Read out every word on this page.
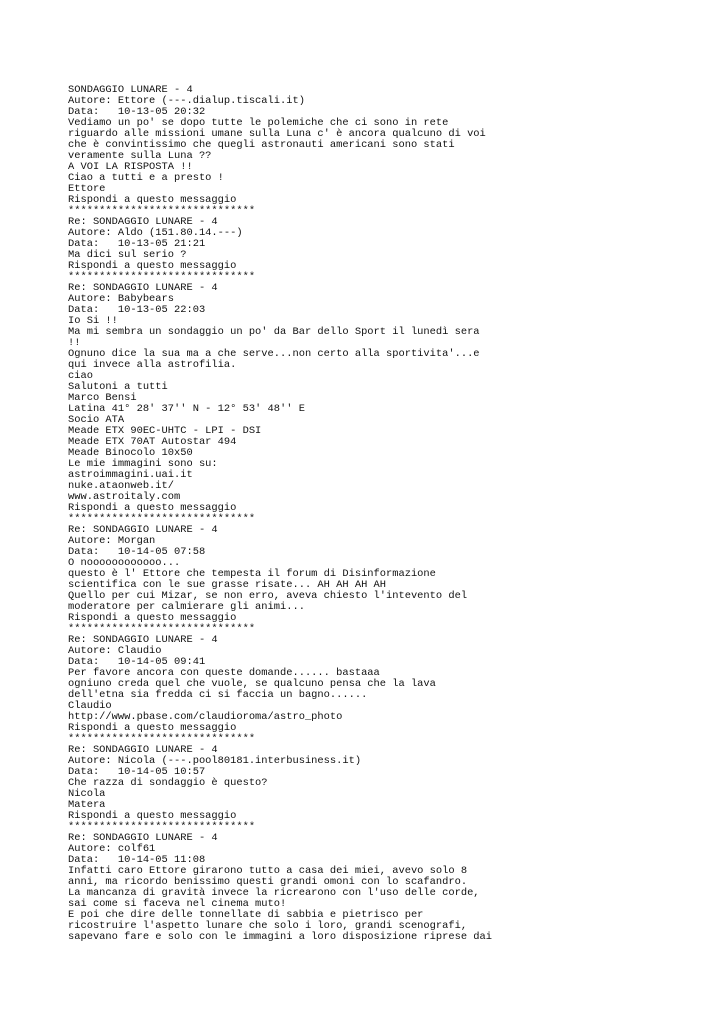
SONDAGGIO LUNARE - 4
Autore: Ettore (---.dialup.tiscali.it)
Data:   10-13-05 20:32
Vediamo un po' se dopo tutte le polemiche che ci sono in rete
riguardo alle missioni umane sulla Luna c' è ancora qualcuno di voi
che è convintissimo che quegli astronauti americani sono stati
veramente sulla Luna ??
A VOI LA RISPOSTA !!
Ciao a tutti e a presto !
Ettore
Rispondi a questo messaggio
******************************
Re: SONDAGGIO LUNARE - 4
Autore: Aldo (151.80.14.---)
Data:   10-13-05 21:21
Ma dici sul serio ?
Rispondi a questo messaggio
******************************
Re: SONDAGGIO LUNARE - 4
Autore: Babybears
Data:   10-13-05 22:03
Io Si !!
Ma mi sembra un sondaggio un po' da Bar dello Sport il lunedì sera
!!
Ognuno dice la sua ma a che serve...non certo alla sportivita'...e
qui invece alla astrofilia.
ciao
Salutoni a tutti
Marco Bensi
Latina 41° 28' 37'' N - 12° 53' 48'' E
Socio ATA
Meade ETX 90EC-UHTC - LPI - DSI
Meade ETX 70AT Autostar 494
Meade Binocolo 10x50
Le mie immagini sono su:
astroimmagini.uai.it
nuke.ataonweb.it/
www.astroitaly.com
Rispondi a questo messaggio
******************************
Re: SONDAGGIO LUNARE - 4
Autore: Morgan
Data:   10-14-05 07:58
O noooooooooooo...
questo è l' Ettore che tempesta il forum di Disinformazione
scientifica con le sue grasse risate... AH AH AH AH
Quello per cui Mizar, se non erro, aveva chiesto l'intevento del
moderatore per calmierare gli animi...
Rispondi a questo messaggio
******************************
Re: SONDAGGIO LUNARE - 4
Autore: Claudio
Data:   10-14-05 09:41
Per favore ancora con queste domande...... bastaaa
ogniuno creda quel che vuole, se qualcuno pensa che la lava
dell'etna sia fredda ci si faccia un bagno......
Claudio
http://www.pbase.com/claudioroma/astro_photo
Rispondi a questo messaggio
******************************
Re: SONDAGGIO LUNARE - 4
Autore: Nicola (---.pool80181.interbusiness.it)
Data:   10-14-05 10:57
Che razza di sondaggio è questo?
Nicola
Matera
Rispondi a questo messaggio
******************************
Re: SONDAGGIO LUNARE - 4
Autore: colf61
Data:   10-14-05 11:08
Infatti caro Ettore girarono tutto a casa dei miei, avevo solo 8
anni, ma ricordo benissimo questi grandi omoni con lo scafandro.
La mancanza di gravità invece la ricrearono con l'uso delle corde,
sai come si faceva nel cinema muto!
E poi che dire delle tonnellate di sabbia e pietrisco per
ricostruire l'aspetto lunare che solo i loro, grandi scenografi,
sapevano fare e solo con le immagini a loro disposizione riprese dai
